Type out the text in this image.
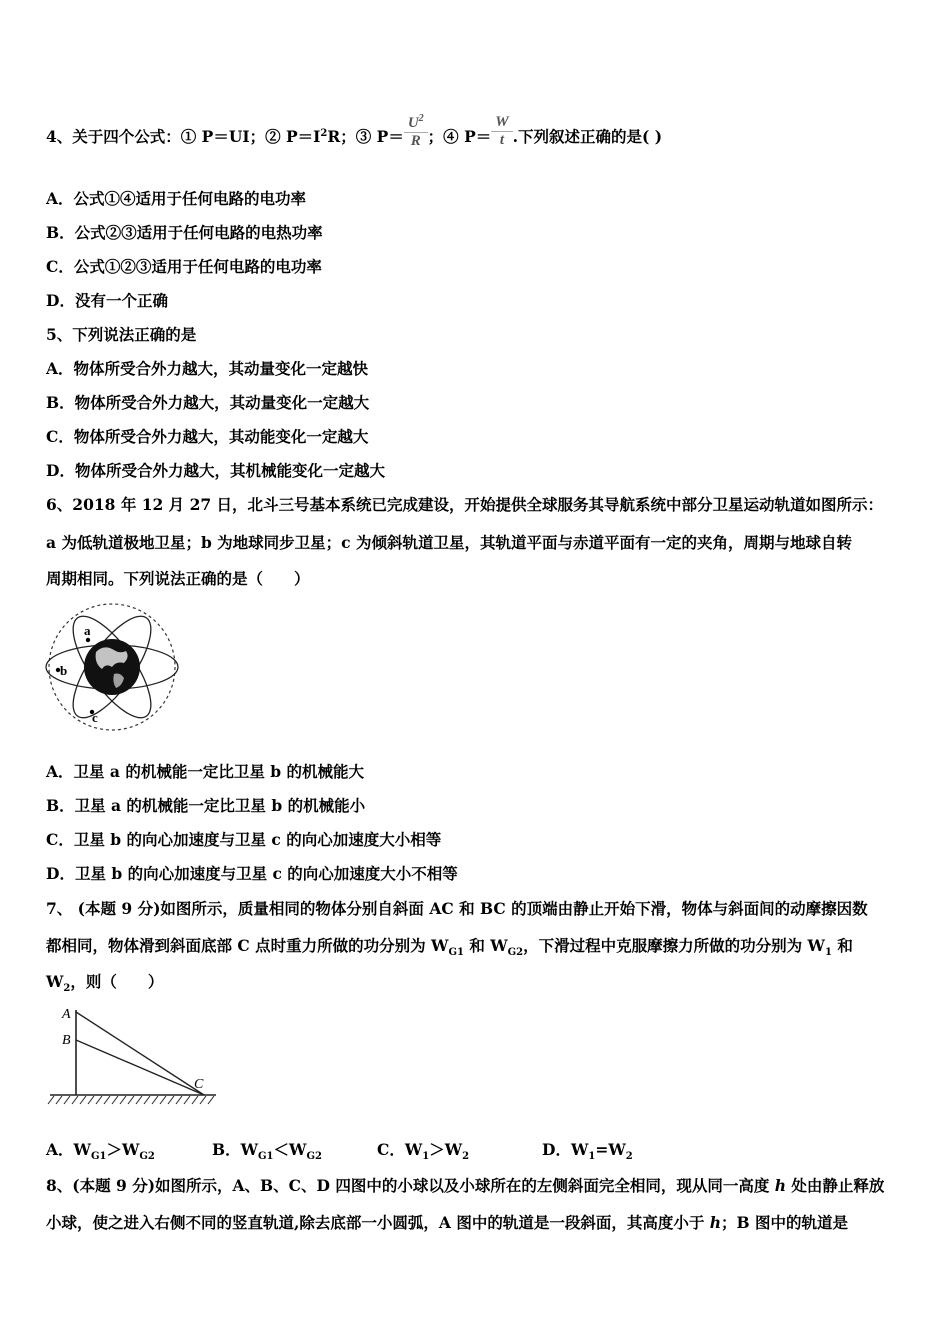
4、关于四个公式：① P＝UI；② $P=I^2R$；③ $P= \frac{U^2}{R}$ ；④ $P= \frac{W}{t}$ .下列叙述正确的是( )
A．公式①④适用于任何电路的电功率
B．公式②③适用于任何电路的电热功率
C．公式①②③适用于任何电路的电功率
D．没有一个正确
5、下列说法正确的是
A．物体所受合外力越大，其动量变化一定越快
B．物体所受合外力越大，其动量变化一定越大
C．物体所受合外力越大，其动能变化一定越大
D．物体所受合外力越大，其机械能变化一定越大
6、2018 年 12 月 27 日，北斗三号基本系统已完成建设，开始提供全球服务其导航系统中部分卫星运动轨道如图所示：
a 为低轨道极地卫星；b 为地球同步卫星；c 为倾斜轨道卫星，其轨道平面与赤道平面有一定的夹角，周期与地球自转
周期相同。下列说法正确的是（　　）
a
b
c
A．卫星 a 的机械能一定比卫星 b 的机械能大
B．卫星 a 的机械能一定比卫星 b 的机械能小
C．卫星 b 的向心加速度与卫星 c 的向心加速度大小相等
D．卫星 b 的向心加速度与卫星 c 的向心加速度大小不相等
7、 (本题 9 分)如图所示，质量相同的物体分别自斜面 AC 和 BC 的顶端由静止开始下滑，物体与斜面间的动摩擦因数
都相同，物体滑到斜面底部 C 点时重力所做的功分别为 $W_{G1}$ 和 $W_{G2}$，下滑过程中克服摩擦力所做的功分别为 $W_1$ 和
$W_2$，则（　　）
A
B
C
A．$W_{G1}>W_{G2}$	B．$W_{G1}<W_{G2}$	C．$W_1>W_2$	D．$W_1=W_2$
8、(本题 9 分)如图所示，A、B、C、D 四图中的小球以及小球所在的左侧斜面完全相同，现从同一高度 h 处由静止释放
小球，使之进入右侧不同的竖直轨道,除去底部一小圆弧，A 图中的轨道是一段斜面，其高度小于 h；B 图中的轨道是
